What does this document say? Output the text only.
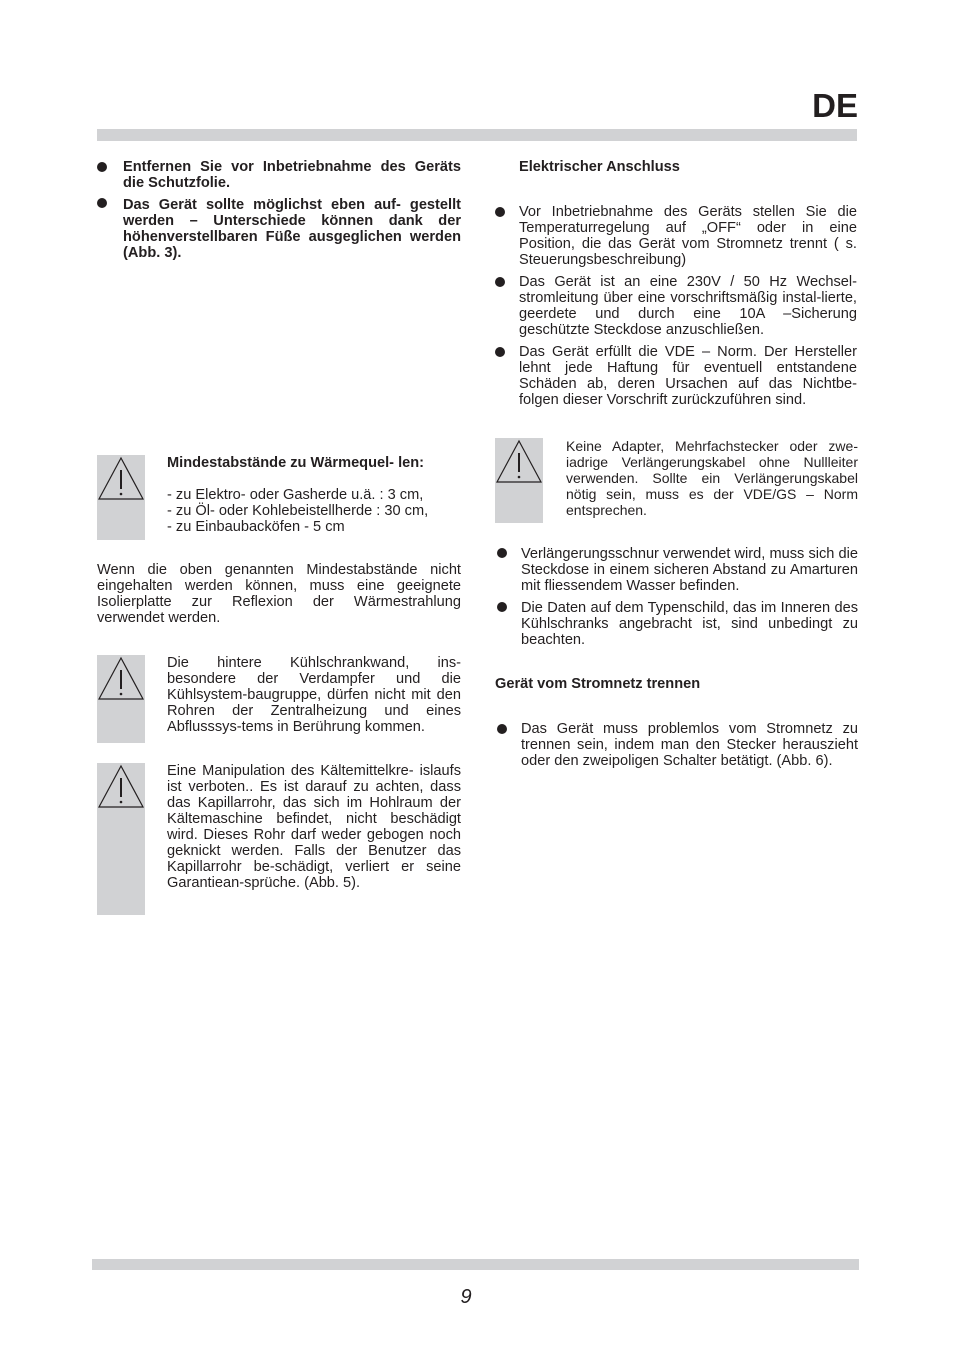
DE

Entfernen Sie vor Inbetriebnahme des Geräts die Schutzfolie.

Das Gerät sollte möglichst eben auf- gestellt werden – Unterschiede können dank der höhenverstellbaren Füße ausgeglichen werden (Abb. 3).

Mindestabstände zu Wärmequel- len:

- zu Elektro- oder Gasherde u.ä. : 3 cm,

- zu Öl- oder Kohlebeistellherde : 30 cm,

- zu Einbaubacköfen - 5 cm

Wenn die oben genannten Mindestabstände nicht eingehalten werden können, muss eine geeignete Isolierplatte zur Reflexion der Wärmestrahlung verwendet werden.

Die hintere Kühlschrankwand, ins- besondere der Verdampfer und die Kühlsystem-baugruppe, dürfen nicht mit den Rohren der Zentralheizung und eines Abflusssys-tems in Berührung kommen.

Eine Manipulation des Kältemittelkre- islaufs ist verboten.. Es ist darauf zu achten, dass das Kapillarrohr, das sich im Hohlraum der Kältemaschine befindet, nicht beschädigt wird. Dieses Rohr darf weder gebogen noch geknickt werden. Falls der Benutzer das Kapillarrohr be-schädigt, verliert er seine Garantiean-sprüche. (Abb. 5).

Elektrischer Anschluss

Vor Inbetriebnahme des Geräts stellen Sie die Temperaturregelung auf „OFF“ oder in eine Position, die das Gerät vom Stromnetz trennt ( s. Steuerungsbeschreibung)

Das Gerät ist an eine 230V / 50 Hz Wechsel-stromleitung über eine vorschriftsmäßig instal-lierte, geerdete und durch eine 10A –Sicherung geschützte Steckdose anzuschließen.

Das Gerät erfüllt die VDE – Norm. Der Hersteller lehnt jede Haftung für eventuell entstandene Schäden ab, deren Ursachen auf das Nichtbe-folgen dieser Vorschrift zurückzuführen sind.

Keine Adapter, Mehrfachstecker oder zwe-iadrige Verlängerungskabel ohne Nullleiter verwenden. Sollte ein Verlängerungskabel nötig sein, muss es der VDE/GS – Norm entsprechen.

Verlängerungsschnur verwendet wird, muss sich die Steckdose in einem sicheren Abstand zu Amarturen mit fliessendem Wasser befinden.

Die Daten auf dem Typenschild, das im Inneren des Kühlschranks angebracht ist, sind unbedingt zu beachten.

Gerät vom Stromnetz trennen

Das Gerät muss problemlos vom Stromnetz zu trennen sein, indem man den Stecker herauszieht oder den zweipoligen Schalter betätigt. (Abb. 6).

9
